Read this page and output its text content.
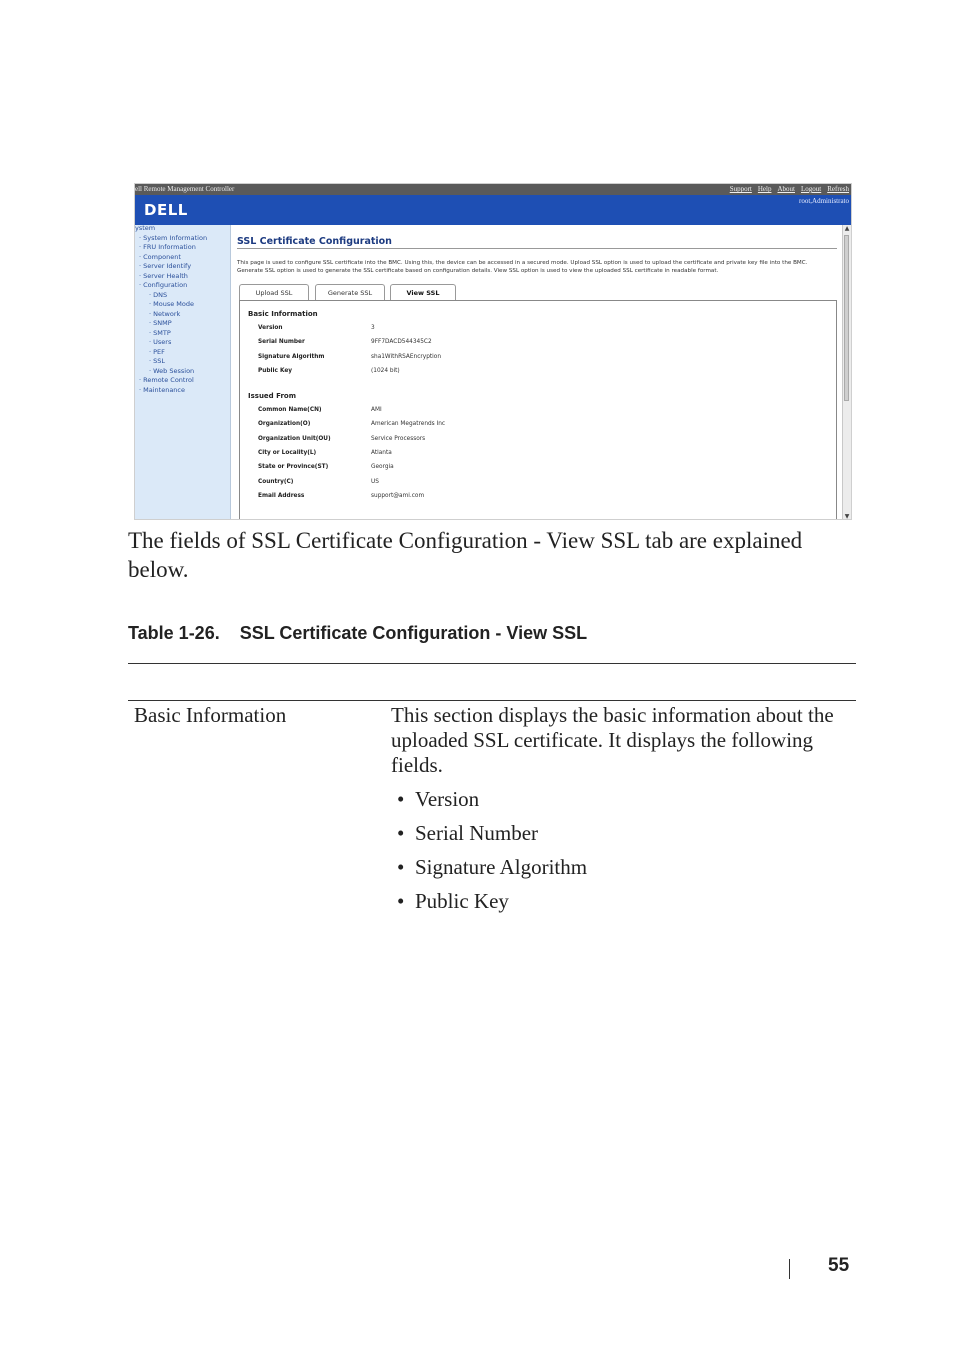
ell Remote Management Controller	Support Help About Logout Refresh
DELL	root,Administrato
ystem
· System Information
· FRU Information
· Component
· Server Identify
· Server Health
· Configuration
· DNS
· Mouse Mode
· Network
· SNMP
· SMTP
· Users
· PEF
· SSL
· Web Session
· Remote Control
· Maintenance
SSL Certificate Configuration
This page is used to configure SSL certificate into the BMC. Using this, the device can be accessed in a secured mode. Upload SSL option is used to upload the certificate and private key file into the BMC.
Generate SSL option is used to generate the SSL certificate based on configuration details. View SSL option is used to view the uploaded SSL certificate in readable format.
Upload SSL	Generate SSL	View SSL
Basic Information
Issued From
Version	3
Serial Number	9FF7DACD544345C2
Signature Algorithm	sha1WithRSAEncryption
Public Key	(1024 bit)
Common Name(CN)	AMI
Organization(O)	American Megatrends Inc
Organization Unit(OU)	Service Processors
City or Locality(L)	Atlanta
State or Province(ST)	Georgia
Country(C)	US
Email Address	support@ami.com
▲
▼
The fields of SSL Certificate Configuration - View SSL tab are explained below.
Table 1-26. SSL Certificate Configuration - View SSL
Basic Information	This section displays the basic information about the uploaded SSL certificate. It displays the following fields.
• Version
• Serial Number
• Signature Algorithm
• Public Key
55
